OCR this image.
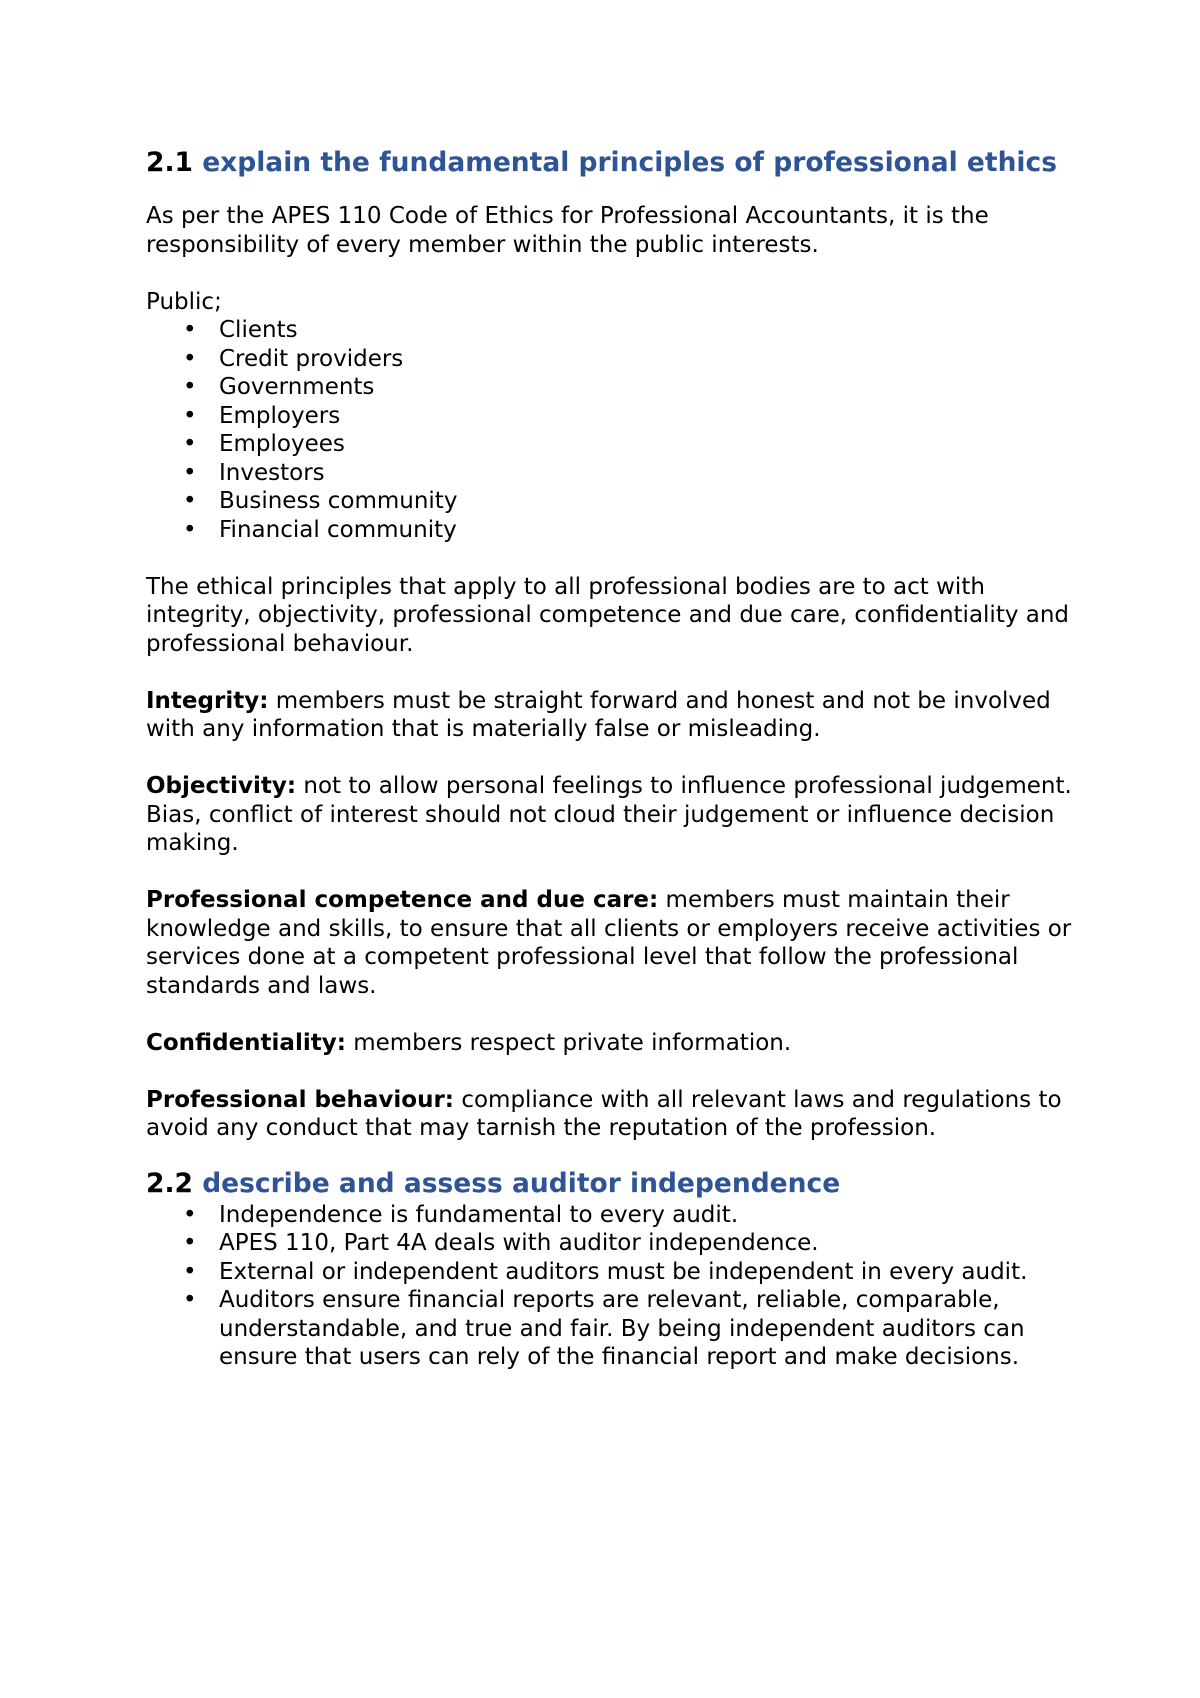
2.1 explain the fundamental principles of professional ethics

As per the APES 110 Code of Ethics for Professional Accountants, it is the responsibility of every member within the public interests.

Public;

• Clients
• Credit providers
• Governments
• Employers
• Employees
• Investors
• Business community
• Financial community

The ethical principles that apply to all professional bodies are to act with integrity, objectivity, professional competence and due care, confidentiality and professional behaviour.

Integrity: members must be straight forward and honest and not be involved with any information that is materially false or misleading.

Objectivity: not to allow personal feelings to influence professional judgement. Bias, conflict of interest should not cloud their judgement or influence decision making.

Professional competence and due care: members must maintain their knowledge and skills, to ensure that all clients or employers receive activities or services done at a competent professional level that follow the professional standards and laws.

Confidentiality: members respect private information.

Professional behaviour: compliance with all relevant laws and regulations to avoid any conduct that may tarnish the reputation of the profession.

2.2 describe and assess auditor independence
• Independence is fundamental to every audit.
• APES 110, Part 4A deals with auditor independence.
• External or independent auditors must be independent in every audit.
• Auditors ensure financial reports are relevant, reliable, comparable, understandable, and true and fair. By being independent auditors can ensure that users can rely of the financial report and make decisions.
